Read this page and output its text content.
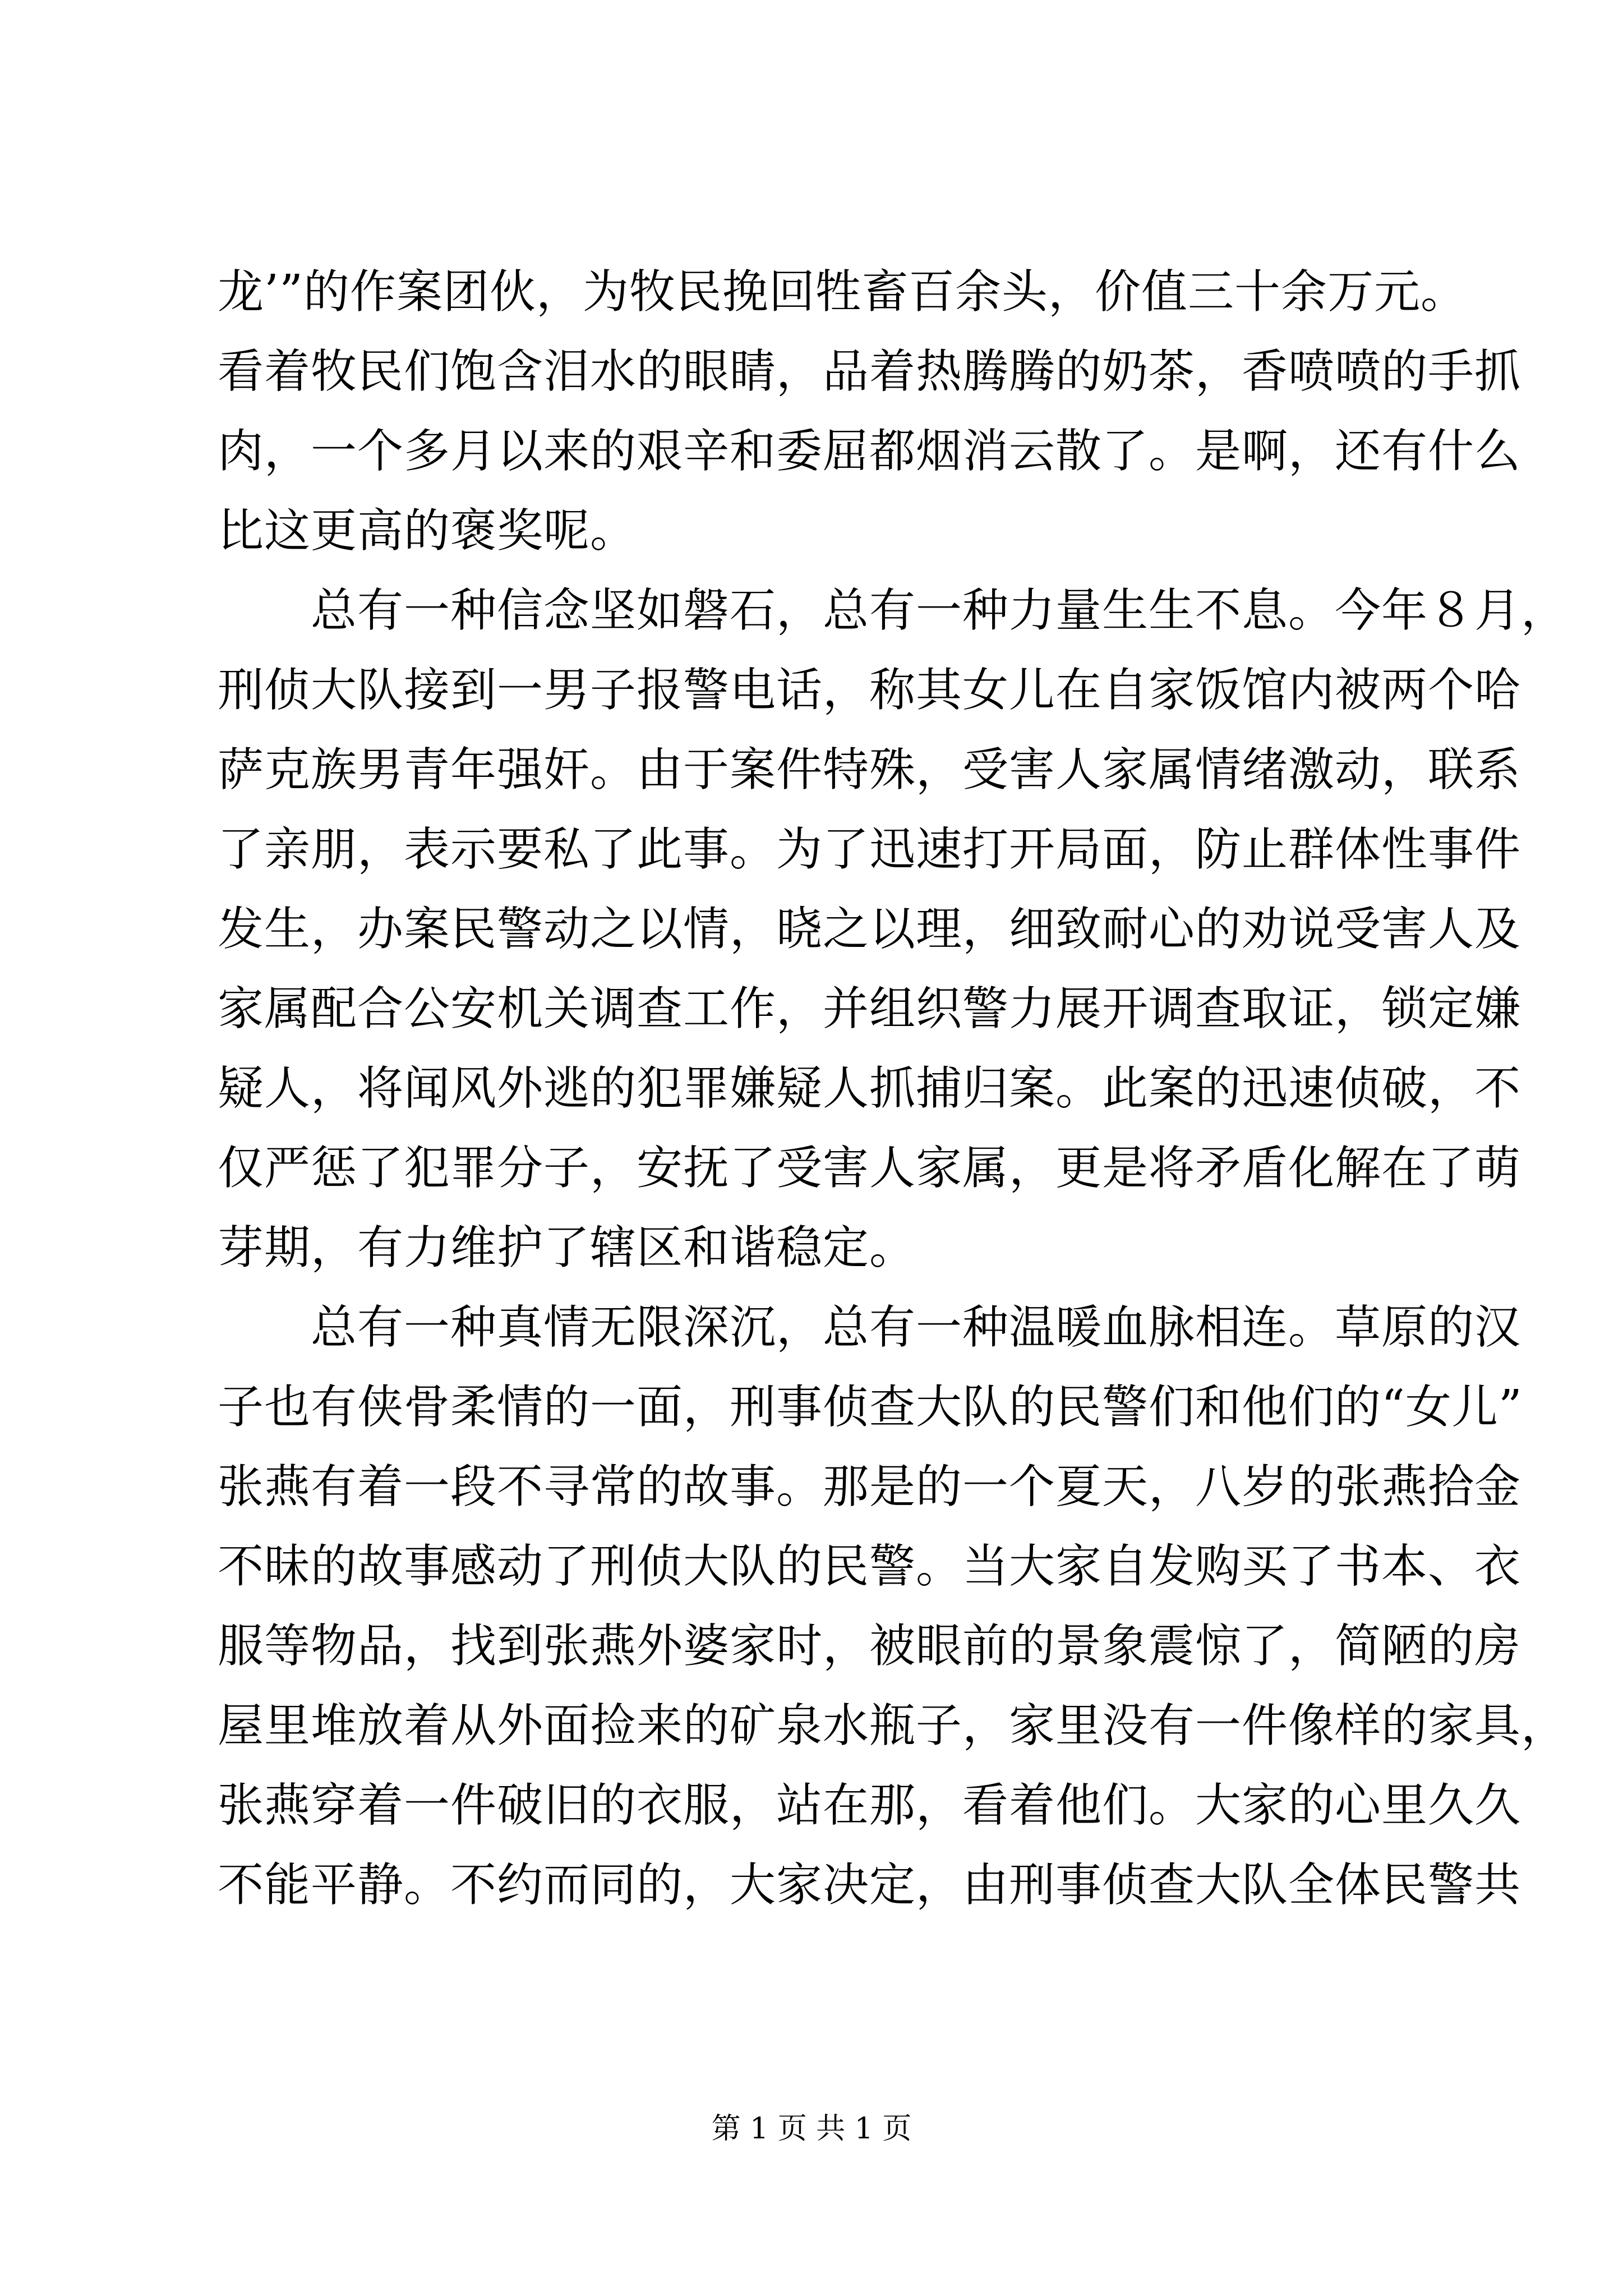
龙’”的作案团伙，为牧民挽回牲畜百余头，价值三十余万元。
看着牧民们饱含泪水的眼睛，品着热腾腾的奶茶，香喷喷的手抓
肉，一个多月以来的艰辛和委屈都烟消云散了。是啊，还有什么
比这更高的褒奖呢。
　　总有一种信念坚如磐石，总有一种力量生生不息。今年８月，
刑侦大队接到一男子报警电话，称其女儿在自家饭馆内被两个哈
萨克族男青年强奸。由于案件特殊，受害人家属情绪激动，联系
了亲朋，表示要私了此事。为了迅速打开局面，防止群体性事件
发生，办案民警动之以情，晓之以理，细致耐心的劝说受害人及
家属配合公安机关调查工作，并组织警力展开调查取证，锁定嫌
疑人，将闻风外逃的犯罪嫌疑人抓捕归案。此案的迅速侦破，不
仅严惩了犯罪分子，安抚了受害人家属，更是将矛盾化解在了萌
芽期，有力维护了辖区和谐稳定。
　　总有一种真情无限深沉，总有一种温暖血脉相连。草原的汉
子也有侠骨柔情的一面，刑事侦查大队的民警们和他们的“女儿”
张燕有着一段不寻常的故事。那是的一个夏天，八岁的张燕拾金
不昧的故事感动了刑侦大队的民警。当大家自发购买了书本、衣
服等物品，找到张燕外婆家时，被眼前的景象震惊了，简陋的房
屋里堆放着从外面捡来的矿泉水瓶子，家里没有一件像样的家具，
张燕穿着一件破旧的衣服，站在那，看着他们。大家的心里久久
不能平静。不约而同的，大家决定，由刑事侦查大队全体民警共
第 1 页 共 1 页
